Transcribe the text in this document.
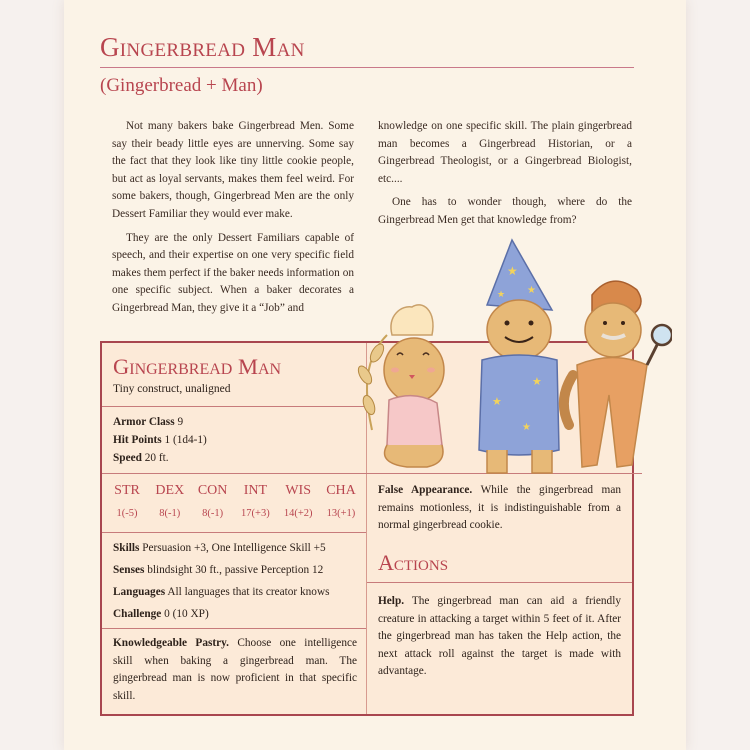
Gingerbread Man
(Gingerbread + Man)

Not many bakers bake Gingerbread Men. Some say their beady little eyes are unnerving. Some say the fact that they look like tiny little cookie people, but act as loyal servants, makes them feel weird. For some bakers, though, Gingerbread Men are the only Dessert Familiar they would ever make.

They are the only Dessert Familiars capable of speech, and their expertise on one very specific field makes them perfect if the baker needs information on one specific subject. When a baker decorates a Gingerbread Man, they give it a “Job” and

knowledge on one specific skill. The plain gingerbread man becomes a Gingerbread Historian, or a Gingerbread Theologist, or a Gingerbread Biologist, etc....

One has to wonder though, where do the Gingerbread Men get that knowledge from?

Gingerbread Man
Tiny construct, unaligned
Armor Class 9
Hit Points 1 (1d4-1)
Speed 20 ft.
STR
1(-5)
DEX
8(-1)
CON
8(-1)
INT
17(+3)
WIS
14(+2)
CHA
13(+1)
Skills Persuasion +3, One Intelligence Skill +5
Senses blindsight 30 ft., passive Perception 12
Languages All languages that its creator knows
Challenge 0 (10 XP)
Knowledgeable Pastry. Choose one intelligence skill when baking a gingerbread man. The gingerbread man is now proficient in that specific skill.
False Appearance. While the gingerbread man remains motionless, it is indistinguishable from a normal gingerbread cookie.
Actions
Help. The gingerbread man can aid a friendly creature in attacking a target within 5 feet of it. After the gingerbread man has taken the Help action, the next attack roll against the target is made with advantage.
★
★
★
★
★
★
